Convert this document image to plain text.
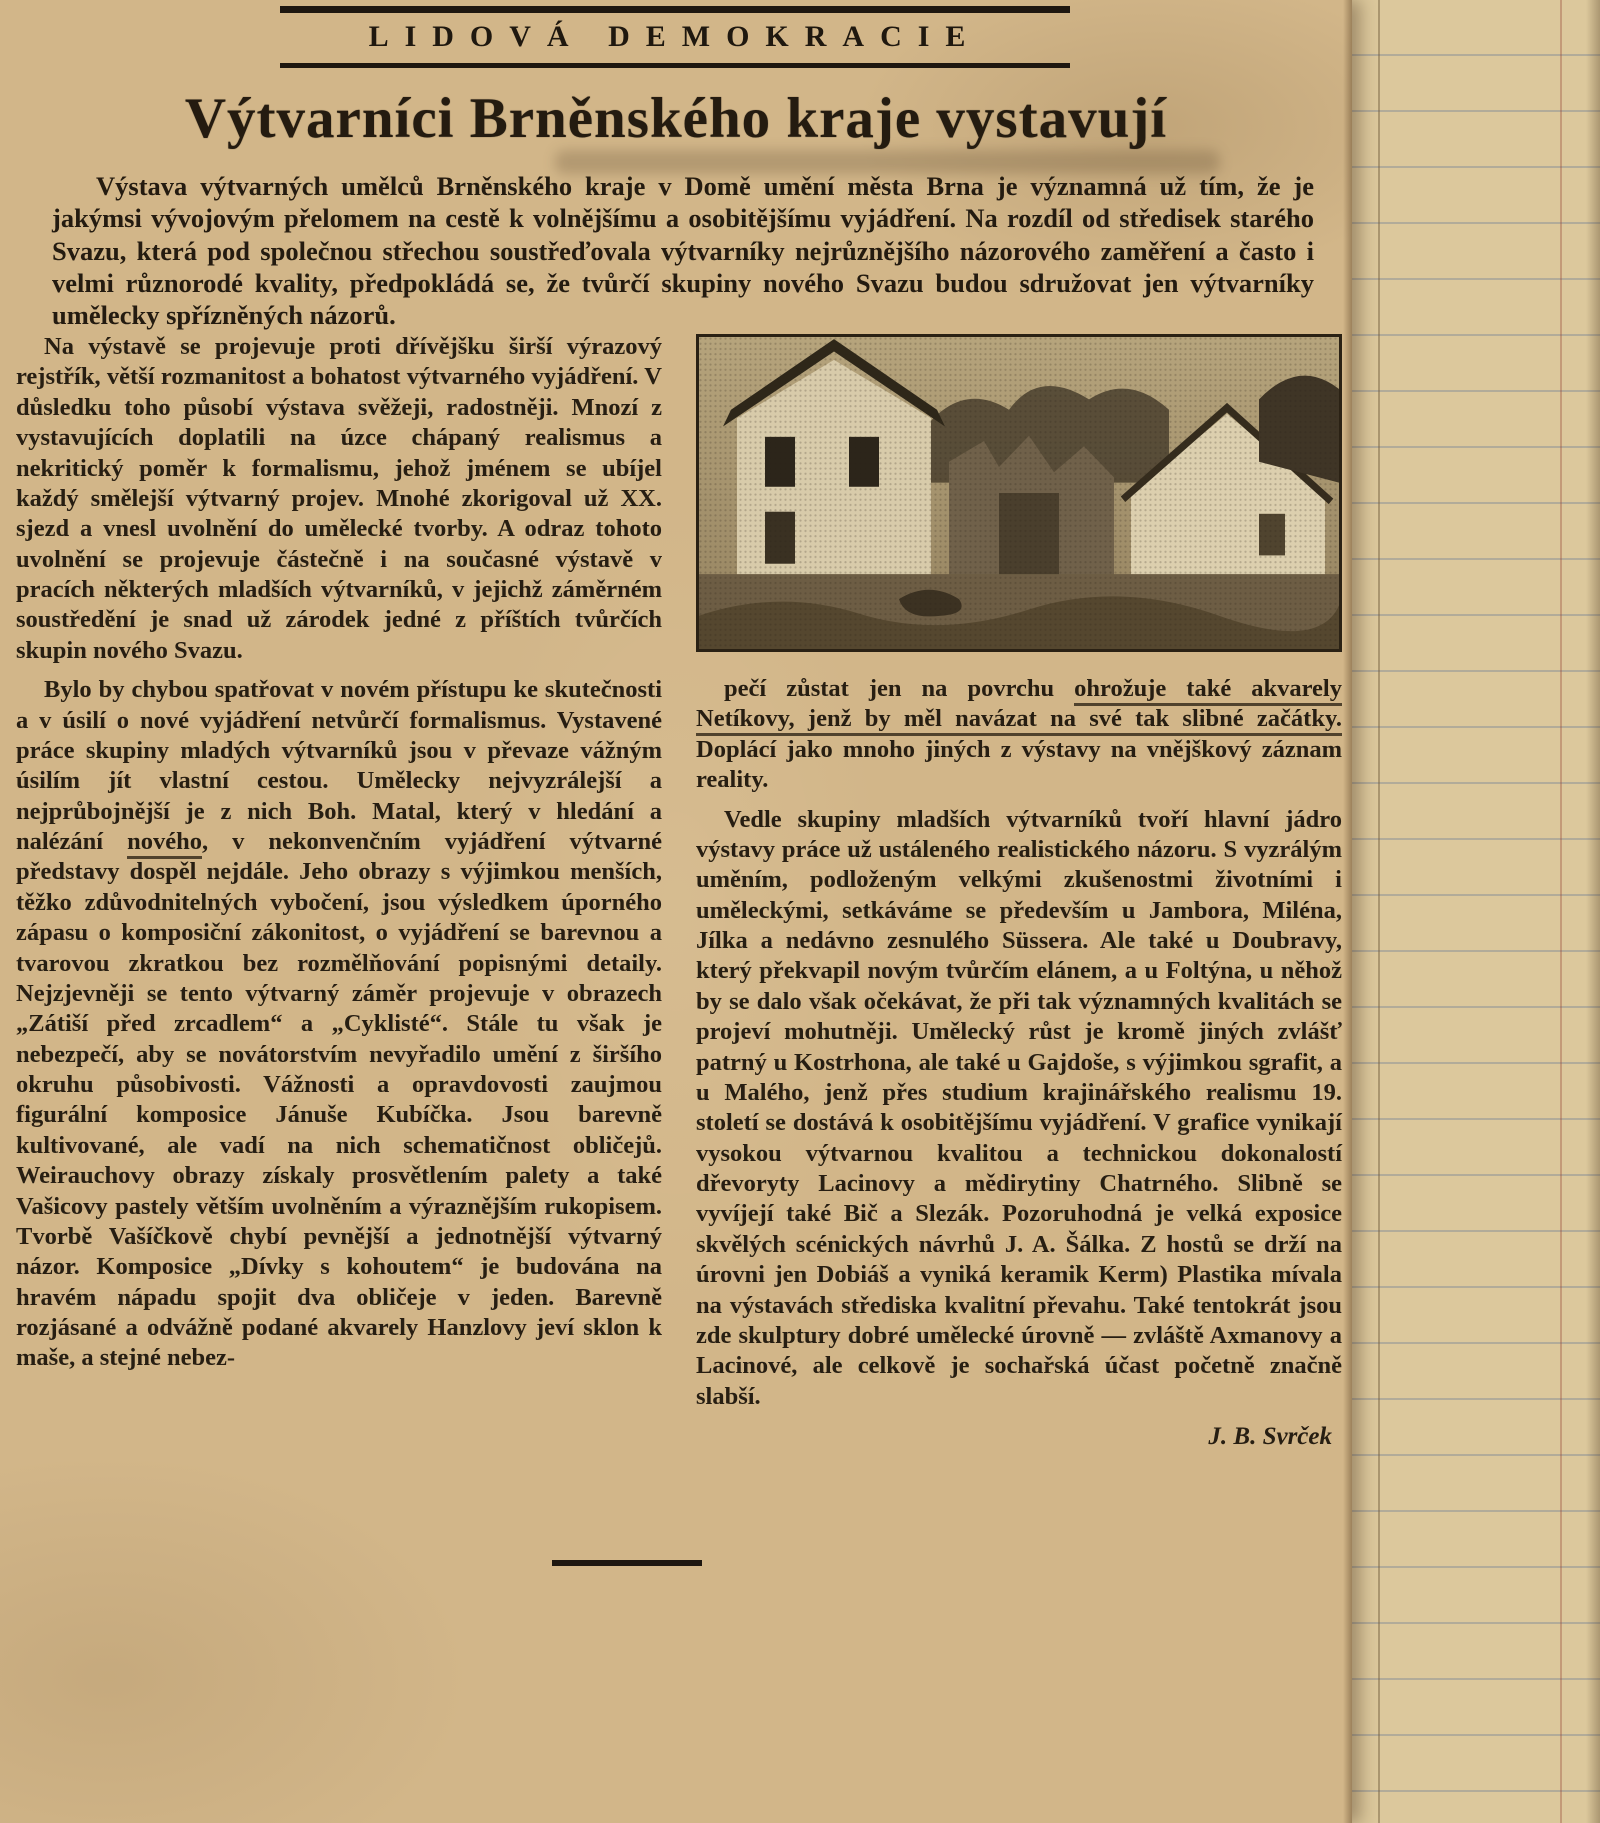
LIDOVÁ DEMOKRACIE
Výtvarníci Brněnského kraje vystavují
Výstava výtvarných umělců Brněnského kraje v Domě umění města Brna je významná už tím, že je jakýmsi vývojovým přelomem na cestě k volnějšímu a osobitějšímu vyjádření. Na rozdíl od středisek starého Svazu, která pod společnou střechou soustřeďovala výtvarníky nejrůznějšího názorového zaměření a často i velmi různorodé kvality, předpokládá se, že tvůrčí skupiny nového Svazu budou sdružovat jen výtvarníky umělecky spřízněných názorů.

Na výstavě se projevuje proti dřívějšku širší výrazový rejstřík, větší rozmanitost a bohatost výtvarného vyjádření. V důsledku toho působí výstava svěžeji, radostněji. Mnozí z vystavujících doplatili na úzce chápaný realismus a nekritický poměr k formalismu, jehož jménem se ubíjel každý smělejší výtvarný projev. Mnohé zkorigoval už XX. sjezd a vnesl uvolnění do umělecké tvorby. A odraz tohoto uvolnění se projevuje částečně i na současné výstavě v pracích některých mladších výtvarníků, v jejichž záměrném soustředění je snad už zárodek jedné z příštích tvůrčích skupin nového Svazu.

Bylo by chybou spatřovat v novém přístupu ke skutečnosti a v úsilí o nové vyjádření netvůrčí formalismus. Vystavené práce skupiny mladých výtvarníků jsou v převaze vážným úsilím jít vlastní cestou. Umělecky nejvyzrálejší a nejprůbojnější je z nich Boh. Matal, který v hledání a nalézání nového, v nekonvenčním vyjádření výtvarné představy dospěl nejdále. Jeho obrazy s výjimkou menších, těžko zdůvodnitelných vybočení, jsou výsledkem úporného zápasu o komposiční zákonitost, o vyjádření se barevnou a tvarovou zkratkou bez rozmělňování popisnými detaily. Nejzjevněji se tento výtvarný záměr projevuje v obrazech „Zátiší před zrcadlem“ a „Cyklisté“. Stále tu však je nebezpečí, aby se novátorstvím nevyřadilo umění z širšího okruhu působivosti. Vážnosti a opravdovosti zaujmou figurální komposice Jánuše Kubíčka. Jsou barevně kultivované, ale vadí na nich schematičnost obličejů. Weirauchovy obrazy získaly prosvětlením palety a také Vašicovy pastely větším uvolněním a výraznějším rukopisem. Tvorbě Vašíčkově chybí pevnější a jednotnější výtvarný názor. Komposice „Dívky s kohoutem“ je budována na hravém nápadu spojit dva obličeje v jeden. Barevně rozjásané a odvážně podané akvarely Hanzlovy jeví sklon k maše, a stejné nebez-

pečí zůstat jen na povrchu ohrožuje také akvarely Netíkovy, jenž by měl navázat na své tak slibné začátky. Doplácí jako mnoho jiných z výstavy na vnějškový záznam reality.

Vedle skupiny mladších výtvarníků tvoří hlavní jádro výstavy práce už ustáleného realistického názoru. S vyzrálým uměním, podloženým velkými zkušenostmi životními i uměleckými, setkáváme se především u Jambora, Miléna, Jílka a nedávno zesnulého Süssera. Ale také u Doubravy, který překvapil novým tvůrčím elánem, a u Foltýna, u něhož by se dalo však očekávat, že při tak významných kvalitách se projeví mohutněji. Umělecký růst je kromě jiných zvlášť patrný u Kostrhona, ale také u Gajdoše, s výjimkou sgrafit, a u Malého, jenž přes studium krajinářského realismu 19. století se dostává k osobitějšímu vyjádření. V grafice vynikají vysokou výtvarnou kvalitou a technickou dokonalostí dřevoryty Lacinovy a mědirytiny Chatrného. Slibně se vyvíjejí také Bič a Slezák. Pozoruhodná je velká exposice skvělých scénických návrhů J. A. Šálka. Z hostů se drží na úrovni jen Dobiáš a vyniká keramik Kerm) Plastika mívala na výstavách střediska kvalitní převahu. Také tentokrát jsou zde skulptury dobré umělecké úrovně — zvláště Axmanovy a Lacinové, ale celkově je sochařská účast početně značně slabší.

J. B. Svrček
